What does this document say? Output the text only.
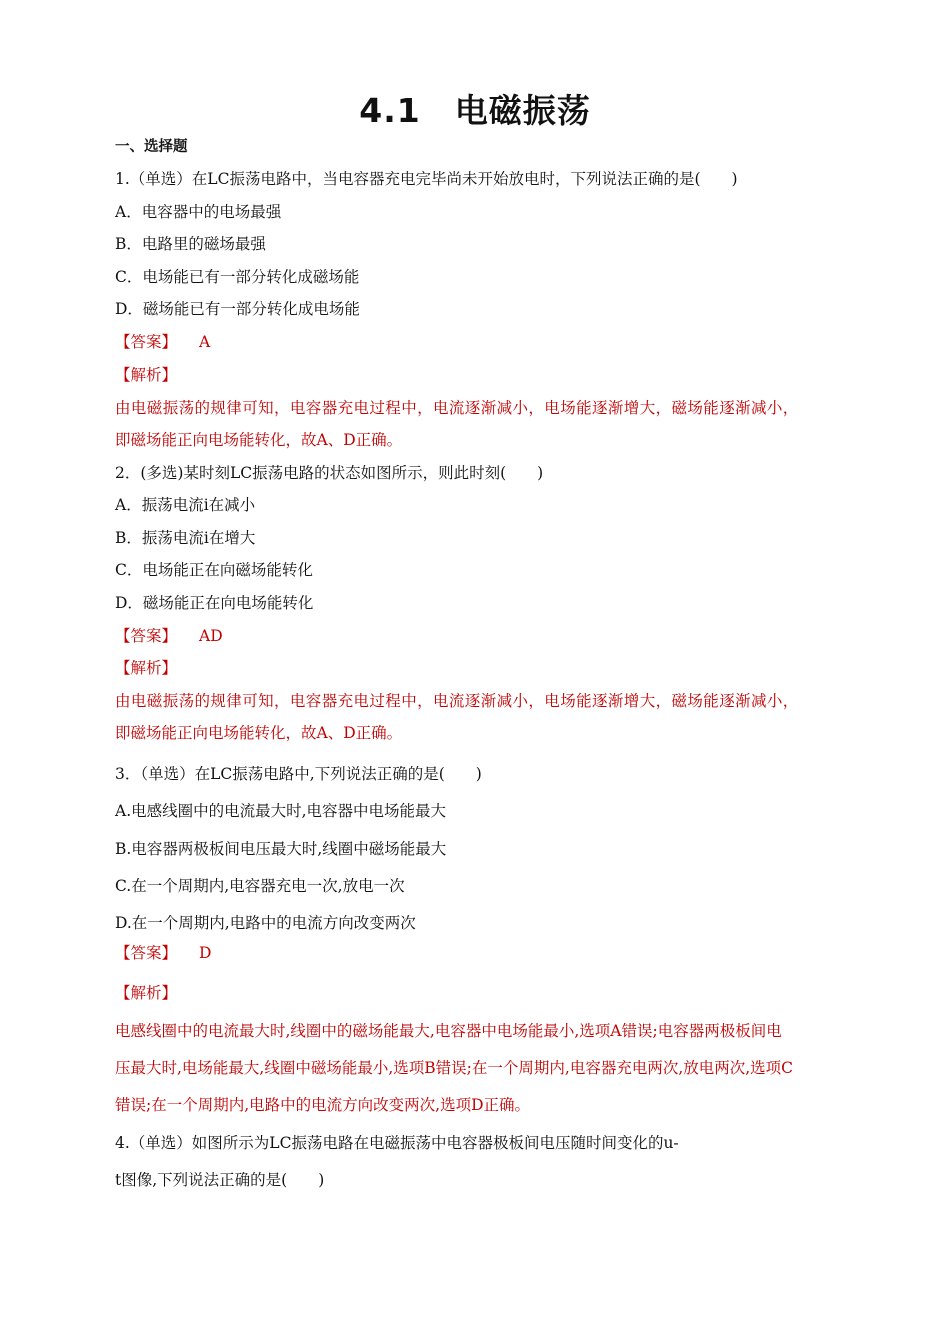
4.1　电磁振荡
一、选择题
1.（单选）在LC振荡电路中，当电容器充电完毕尚未开始放电时，下列说法正确的是(　　)
A．电容器中的电场最强
B．电路里的磁场最强
C．电场能已有一部分转化成磁场能
D．磁场能已有一部分转化成电场能
【答案】 A
【解析】
由电磁振荡的规律可知，电容器充电过程中，电流逐渐减小，电场能逐渐增大，磁场能逐渐减小，
即磁场能正向电场能转化，故A、D正确。
2．(多选)某时刻LC振荡电路的状态如图所示，则此时刻(　　)
A．振荡电流i在减小
B．振荡电流i在增大
C．电场能正在向磁场能转化
D．磁场能正在向电场能转化
【答案】 AD
【解析】
由电磁振荡的规律可知，电容器充电过程中，电流逐渐减小，电场能逐渐增大，磁场能逐渐减小，
即磁场能正向电场能转化，故A、D正确。
3．（单选）在LC振荡电路中,下列说法正确的是(　　)
A.电感线圈中的电流最大时,电容器中电场能最大
B.电容器两极板间电压最大时,线圈中磁场能最大
C.在一个周期内,电容器充电一次,放电一次
D.在一个周期内,电路中的电流方向改变两次
【答案】 D
【解析】
电感线圈中的电流最大时,线圈中的磁场能最大,电容器中电场能最小,选项A错误;电容器两极板间电
压最大时,电场能最大,线圈中磁场能最小,选项B错误;在一个周期内,电容器充电两次,放电两次,选项C
错误;在一个周期内,电路中的电流方向改变两次,选项D正确。
4.（单选）如图所示为LC振荡电路在电磁振荡中电容器极板间电压随时间变化的u-
t图像,下列说法正确的是(　　)
